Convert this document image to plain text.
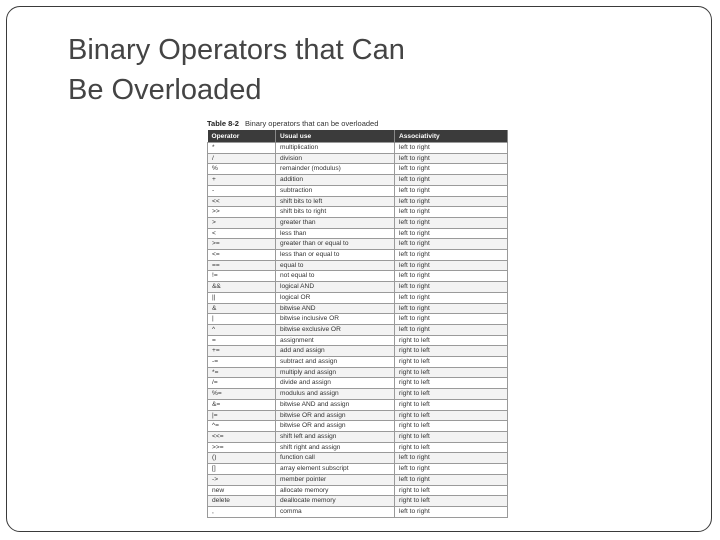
Binary Operators that Can
Be Overloaded
Table 8-2 Binary operators that can be overloaded
Operator	Usual use	Associativity
*	multiplication	left to right
/	division	left to right
%	remainder (modulus)	left to right
+	addition	left to right
-	subtraction	left to right
<<	shift bits to left	left to right
>>	shift bits to right	left to right
>	greater than	left to right
<	less than	left to right
>=	greater than or equal to	left to right
<=	less than or equal to	left to right
==	equal to	left to right
!=	not equal to	left to right
&&	logical AND	left to right
||	logical OR	left to right
&	bitwise AND	left to right
|	bitwise inclusive OR	left to right
^	bitwise exclusive OR	left to right
=	assignment	right to left
+=	add and assign	right to left
-=	subtract and assign	right to left
*=	multiply and assign	right to left
/=	divide and assign	right to left
%=	modulus and assign	right to left
&=	bitwise AND and assign	right to left
|=	bitwise OR and assign	right to left
^=	bitwise OR and assign	right to left
<<=	shift left and assign	right to left
>>=	shift right and assign	right to left
()	function call	left to right
[]	array element subscript	left to right
->	member pointer	left to right
new	allocate memory	right to left
delete	deallocate memory	right to left
,	comma	left to right
